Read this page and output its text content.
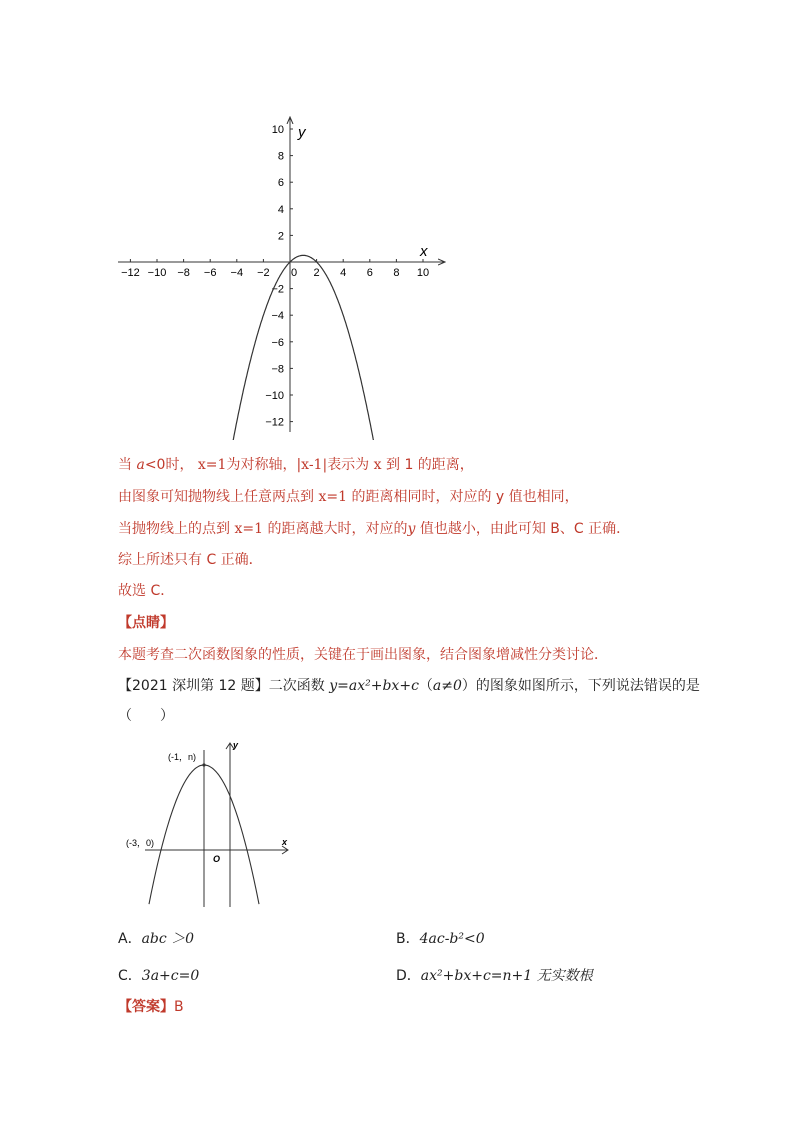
−12 −10 −8 −6 −4 −2 0 2 4 6 8 10
10
8
6
4
2
−2
−4
−6
−8
−10
−12
x
y
当 a<0时， x=1为对称轴，|x-1|表示为 x 到 1 的距离，
由图象可知抛物线上任意两点到 x=1 的距离相同时，对应的 y 值也相同，
当抛物线上的点到 x=1 的距离越大时，对应的y 值也越小，由此可知 B、C 正确．
综上所述只有 C 正确．
故选 C．
【点睛】
本题考查二次函数图象的性质，关键在于画出图象，结合图象增减性分类讨论．
【2021 深圳第 12 题】二次函数 y=ax²+bx+c（a≠0）的图象如图所示，下列说法错误的是
（　　）
(-1，n)
(-3，0)
O
x
y
A．abc ＞0	B．4ac-b²<0
C．3a+c=0	D．ax²+bx+c=n+1 无实数根
【答案】B
